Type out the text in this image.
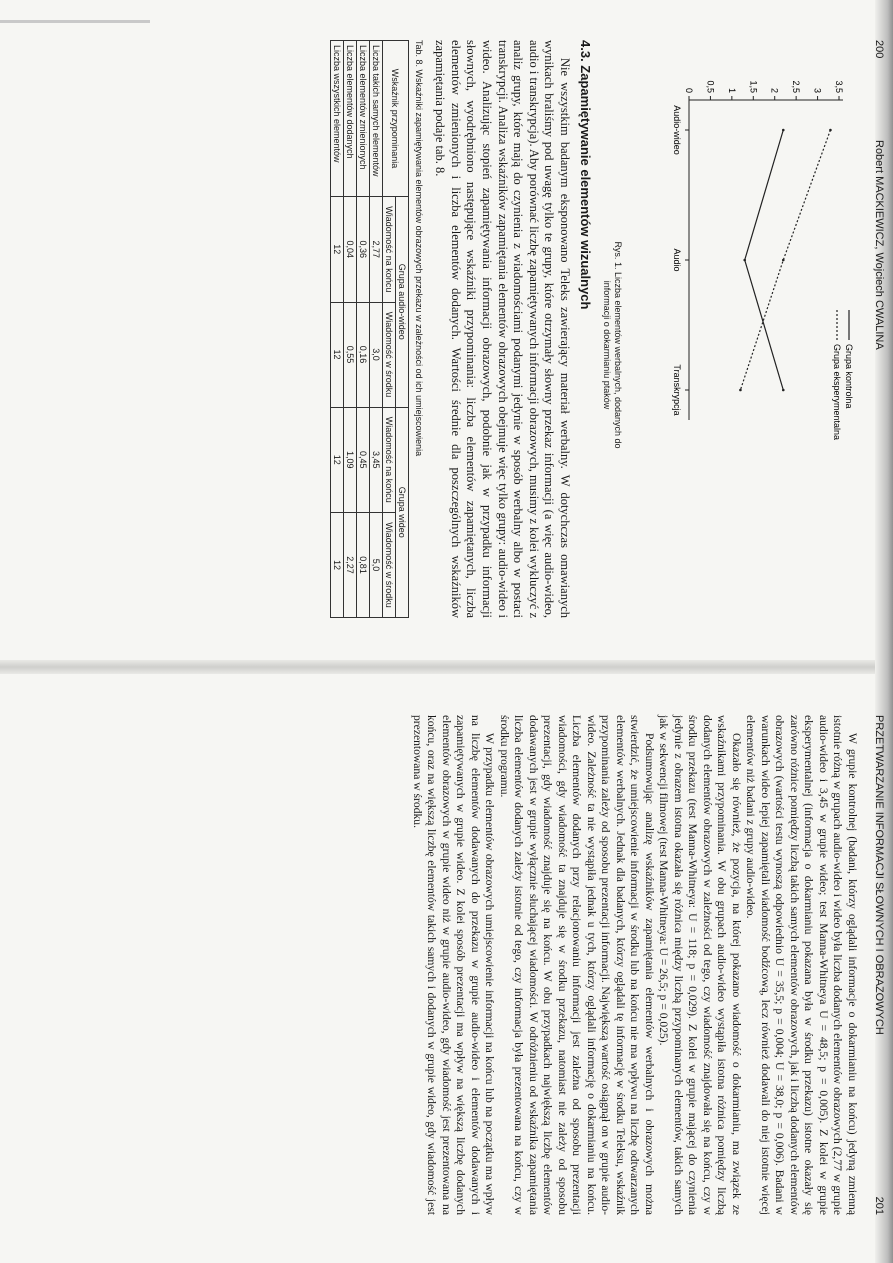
200
Robert MACKIEWICZ, Wojciech CWALINA
0 0,5 1 1,5 2 2,5 3 3,5
Audio-wideo
Audio
Transkrypcja	Grupa kontrolna
Grupa eksperymentalna
Rys. 1. Liczba elementów werbalnych, dodanych do informacji o dokarmianiu ptaków
4.3. Zapamiętywanie elementów wizualnych

Nie wszystkim badanym eksponowano Teleks zawierający materiał werbalny. W dotychczas omawianych wynikach braliśmy pod uwagę tylko te grupy, które otrzymały słowny przekaz informacji (a więc audio-wideo, audio i transkrypcja). Aby porównać liczbę zapamiętywanych informacji obrazowych, musimy z kolei wykluczyć z analiz grupy, które mają do czynienia z wiadomościami podanymi jedynie w sposób werbalny albo w postaci transkrypcji. Analiza wskaźników zapamiętania elementów obrazowych obejmuje więc tylko grupy: audio-wideo i wideo. Analizując stopień zapamiętywania informacji obrazowych, podobnie jak w przypadku informacji słownych, wyodrębniono następujące wskaźniki przypominania: liczba elementów zapamiętanych, liczba elementów zmienionych i liczba elementów dodanych. Wartości średnie dla poszczególnych wskaźników zapamiętania podaje tab. 8.

Tab. 8. Wskaźniki zapamiętywania elementów obrazowych przekazu w zależności od ich umiejscowienia
Wskaźnik przypominania	Grupa audio-wideo		Grupa wideo	
	Wiadomość na końcu	Wiadomość w środku	Wiadomość na końcu	Wiadomość w środku
Liczba takich samych elementów	2,77	3,0	3,45	5,0
Liczba elementów zmienionych	0,36	0,16	0,45	0,81
Liczba elementów dodanych	0,04	0,55	1,09	2,27
Liczba wszystkich elementów	12	12	12	12
PRZETWARZANIE INFORMACJI SŁOWNYCH I OBRAZOWYCH
201

W grupie kontrolnej (badani, którzy oglądali informacje o dokarmianiu na końcu) jedyną zmienną istotnie różną w grupach audio-wideo i wideo była liczba dodanych elementów obrazowych (2,77 w grupie audio-wideo i 3,45 w grupie wideo; test Manna-Whitneya U = 48,5; p = 0,005). Z kolei w grupie eksperymentalnej (informacja o dokarmianiu pokazana była w środku przekazu) istotne okazały się zarówno różnice pomiędzy liczbą takich samych elementów obrazowych, jak i liczbą dodanych elementów obrazowych (wartości testu wynoszą odpowiednio U = 35,5; p = 0,004; U = 38,0; p = 0,006). Badani w warunkach wideo lepiej zapamiętali wiadomość bodźcową, lecz również dodawali do niej istotnie więcej elementów niż badani z grupy audio-wideo.

Okazało się również, że pozycja, na której pokazano wiadomość o dokarmianiu, ma związek ze wskaźnikami przypominania. W obu grupach audio-wideo wystąpiła istotna różnica pomiędzy liczbą dodanych elementów obrazowych w zależności od tego, czy wiadomość znajdowała się na końcu, czy w środku przekazu (test Manna-Whitneya: U = 118; p = 0,029). Z kolei w grupie mającej do czynienia jedynie z obrazem istotna okazała się różnica między liczbą przypominanych elementów, takich samych jak w sekwencji filmowej (test Manna-Whitneya: U = 26,5; p = 0,025).

Podsumowując analizę wskaźników zapamiętania elementów werbalnych i obrazowych można stwierdzić, że umiejscowienie informacji w środku lub na końcu nie ma wpływu na liczbę odtwarzanych elementów werbalnych. Jednak dla badanych, którzy oglądali tę informację w środku Teleksu, wskaźnik przypominania zależy od sposobu prezentacji informacji. Największą wartość osiągnął on w grupie audio-wideo. Zależność ta nie wystąpiła jednak u tych, którzy oglądali informację o dokarmianiu na końcu. Liczba elementów dodanych przy relacjonowaniu informacji jest zależna od sposobu prezentacji wiadomości, gdy wiadomość ta znajduje się w środku przekazu, natomiast nie zależy od sposobu prezentacji, gdy wiadomość znajduje się na końcu. W obu przypadkach największą liczbę elementów dodawanych jest w grupie wyłącznie słuchającej wiadomości. W odróżnieniu od wskaźnika zapamiętania liczba elementów dodanych zależy istotnie od tego, czy informacja była prezentowana na końcu, czy w środku programu.

W przypadku elementów obrazowych umiejscowienie informacji na końcu lub na początku ma wpływ na liczbę elementów dodawanych do przekazu w grupie audio-wideo i elementów dodawanych i zapamiętywanych w grupie wideo. Z kolei sposób prezentacji ma wpływ na większą liczbę dodanych elementów obrazowych w grupie wideo niż w grupie audio-wideo, gdy wiadomość jest prezentowana na końcu, oraz na większą liczbę elementów takich samych i dodanych w grupie wideo, gdy wiadomość jest prezentowana w środku.
